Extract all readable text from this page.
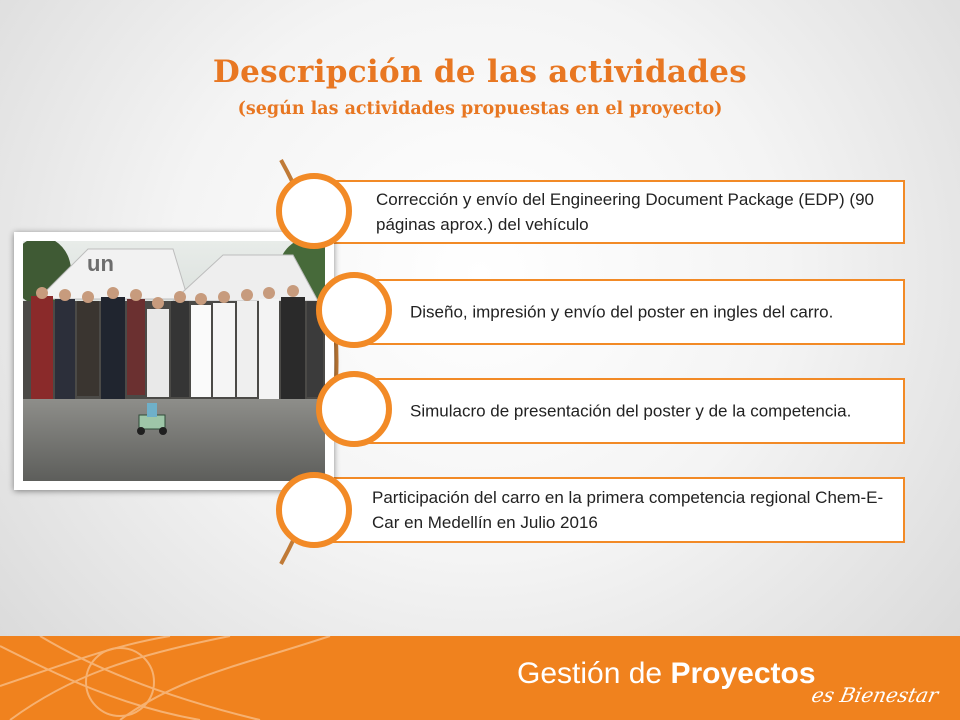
Descripción de las actividades
(según las actividades propuestas en el proyecto)
Corrección y envío del Engineering Document Package (EDP) (90 páginas aprox.) del vehículo
Diseño, impresión y envío del poster en ingles del carro.
Simulacro de presentación del poster y de la competencia.
Participación del carro en la primera competencia regional Chem-E-Car en Medellín en Julio 2016
un
Gestión de Proyectos
es Bienestar
